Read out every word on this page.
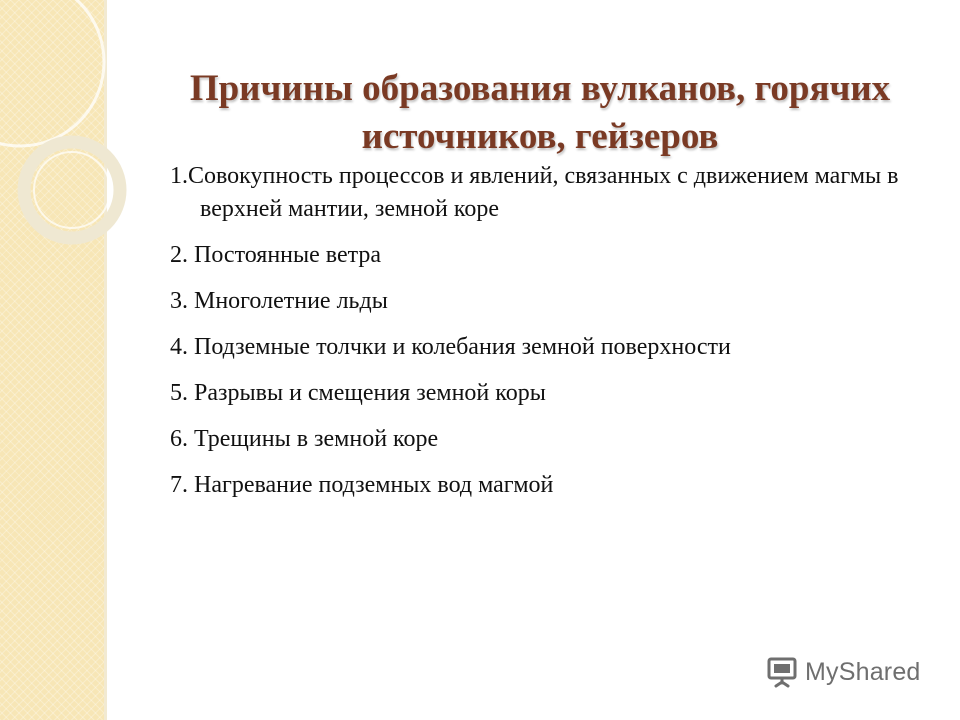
Причины образования вулканов, горячих
источников, гейзеров
1.Совокупность процессов и явлений, связанных с движением магмы в верхней мантии, земной коре
2. Постоянные ветра
3. Многолетние льды
4. Подземные толчки и колебания земной поверхности
5. Разрывы и смещения земной коры
6. Трещины в земной коре
7. Нагревание подземных вод магмой
MyShared
